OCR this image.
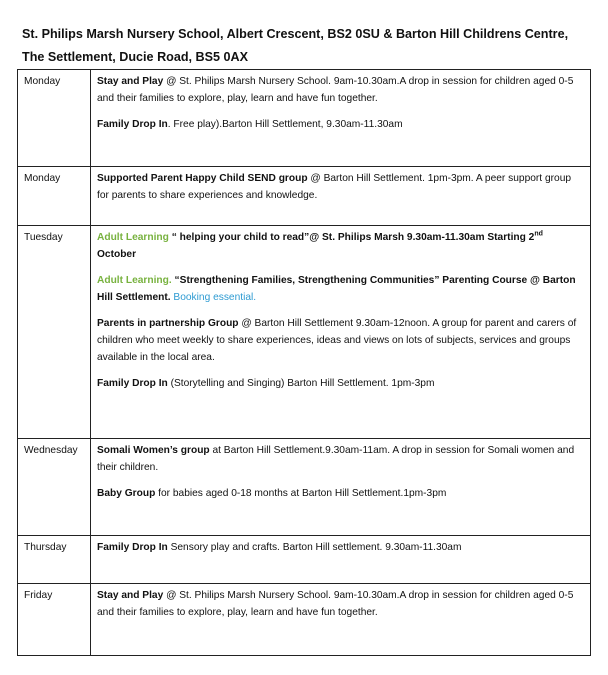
St. Philips Marsh Nursery School, Albert Crescent, BS2 0SU & Barton Hill Childrens Centre,
The Settlement, Ducie Road, BS5 0AX
Monday	Stay and Play @ St. Philips Marsh Nursery School. 9am-10.30am.A drop in session for children aged 0-5 and their families to explore, play, learn and have fun together.

Family Drop In. Free play).Barton Hill Settlement, 9.30am-11.30am

Monday	Supported Parent Happy Child SEND group @ Barton Hill Settlement. 1pm-3pm. A peer support group for parents to share experiences and knowledge.

Tuesday	Adult Learning “ helping your child to read”@ St. Philips Marsh 9.30am-11.30am Starting 2nd October

Adult Learning. “Strengthening Families, Strengthening Communities” Parenting Course @ Barton Hill Settlement. Booking essential.

Parents in partnership Group @ Barton Hill Settlement 9.30am-12noon. A group for parent and carers of children who meet weekly to share experiences, ideas and views on lots of subjects, services and groups available in the local area.

Family Drop In (Storytelling and Singing) Barton Hill Settlement. 1pm-3pm

Wednesday	Somali Women’s group at Barton Hill Settlement.9.30am-11am. A drop in session for Somali women and their children.

Baby Group for babies aged 0-18 months at Barton Hill Settlement.1pm-3pm

Thursday	Family Drop In Sensory play and crafts. Barton Hill settlement. 9.30am-11.30am

Friday	Stay and Play @ St. Philips Marsh Nursery School. 9am-10.30am.A drop in session for children aged 0-5 and their families to explore, play, learn and have fun together.
